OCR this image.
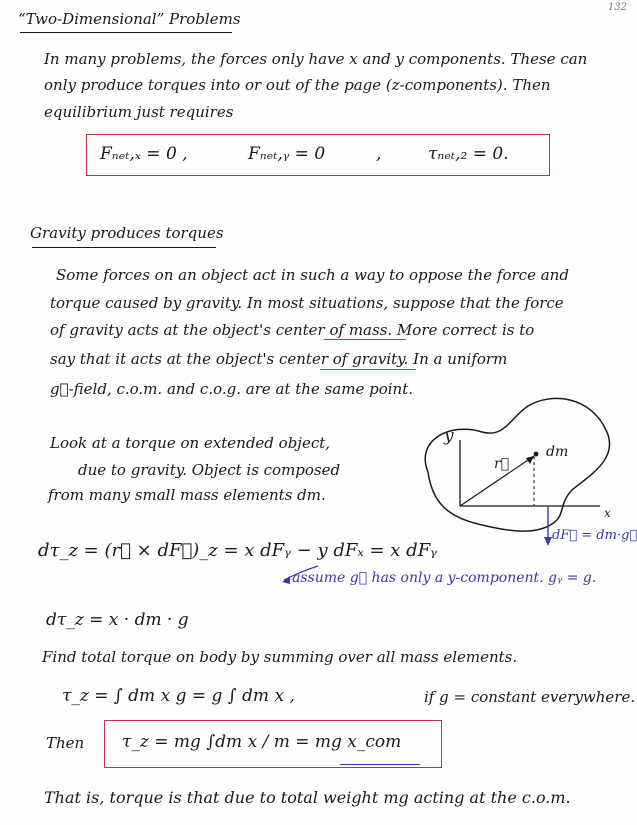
132
“Two-Dimensional” Problems
In many problems, the forces only have x and y components. These can
only produce torques into or out of the page (z-components). Then
equilibrium just requires
Fₙₑₜ,ₓ = 0 ,	Fₙₑₜ,ᵧ = 0	,	τₙₑₜ,₂ = 0.
Gravity produces torques
Some forces on an object act in such a way to oppose the force and
torque caused by gravity. In most situations, suppose that the force
of gravity acts at the object's center of mass. More correct is to
say that it acts at the object's center of gravity. In a uniform
g⃗-field, c.o.m. and c.o.g. are at the same point.
Look at a torque on extended object,
due to gravity. Object is composed
from many small mass elements dm.
y
x
r⃗
dm
dF⃗ = dm·g⃗
dτ_z = (r⃗ × dF⃗)_z = x dFᵧ − y dFₓ = x dFᵧ
assume g⃗ has only a y-component. gᵧ = g.
dτ_z = x · dm · g
Find total torque on body by summing over all mass elements.
τ_z = ∫ dm x g = g ∫ dm x ,	if g = constant everywhere.
Then τ_z = mg ∫dm x / m = mg x_com
That is, torque is that due to total weight mg acting at the c.o.m.
